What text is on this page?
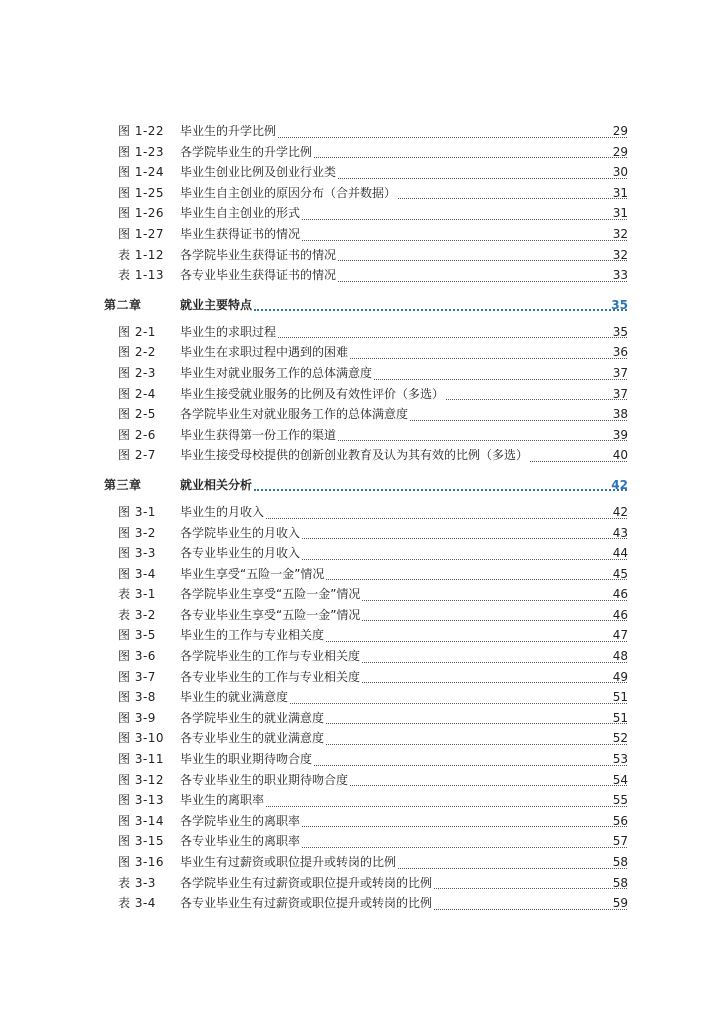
图 1-22	毕业生的升学比例	29
图 1-23	各学院毕业生的升学比例	29
图 1-24	毕业生创业比例及创业行业类	30
图 1-25	毕业生自主创业的原因分布（合并数据）	31
图 1-26	毕业生自主创业的形式	31
图 1-27	毕业生获得证书的情况	32
表 1-12	各学院毕业生获得证书的情况	32
表 1-13	各专业毕业生获得证书的情况	33
第二章	就业主要特点	35
图 2-1	毕业生的求职过程	35
图 2-2	毕业生在求职过程中遇到的困难	36
图 2-3	毕业生对就业服务工作的总体满意度	37
图 2-4	毕业生接受就业服务的比例及有效性评价（多选）	37
图 2-5	各学院毕业生对就业服务工作的总体满意度	38
图 2-6	毕业生获得第一份工作的渠道	39
图 2-7	毕业生接受母校提供的创新创业教育及认为其有效的比例（多选）	40
第三章	就业相关分析	42
图 3-1	毕业生的月收入	42
图 3-2	各学院毕业生的月收入	43
图 3-3	各专业毕业生的月收入	44
图 3-4	毕业生享受“五险一金”情况	45
表 3-1	各学院毕业生享受“五险一金”情况	46
表 3-2	各专业毕业生享受“五险一金”情况	46
图 3-5	毕业生的工作与专业相关度	47
图 3-6	各学院毕业生的工作与专业相关度	48
图 3-7	各专业毕业生的工作与专业相关度	49
图 3-8	毕业生的就业满意度	51
图 3-9	各学院毕业生的就业满意度	51
图 3-10	各专业毕业生的就业满意度	52
图 3-11	毕业生的职业期待吻合度	53
图 3-12	各专业毕业生的职业期待吻合度	54
图 3-13	毕业生的离职率	55
图 3-14	各学院毕业生的离职率	56
图 3-15	各专业毕业生的离职率	57
图 3-16	毕业生有过薪资或职位提升或转岗的比例	58
表 3-3	各学院毕业生有过薪资或职位提升或转岗的比例	58
表 3-4	各专业毕业生有过薪资或职位提升或转岗的比例	59
